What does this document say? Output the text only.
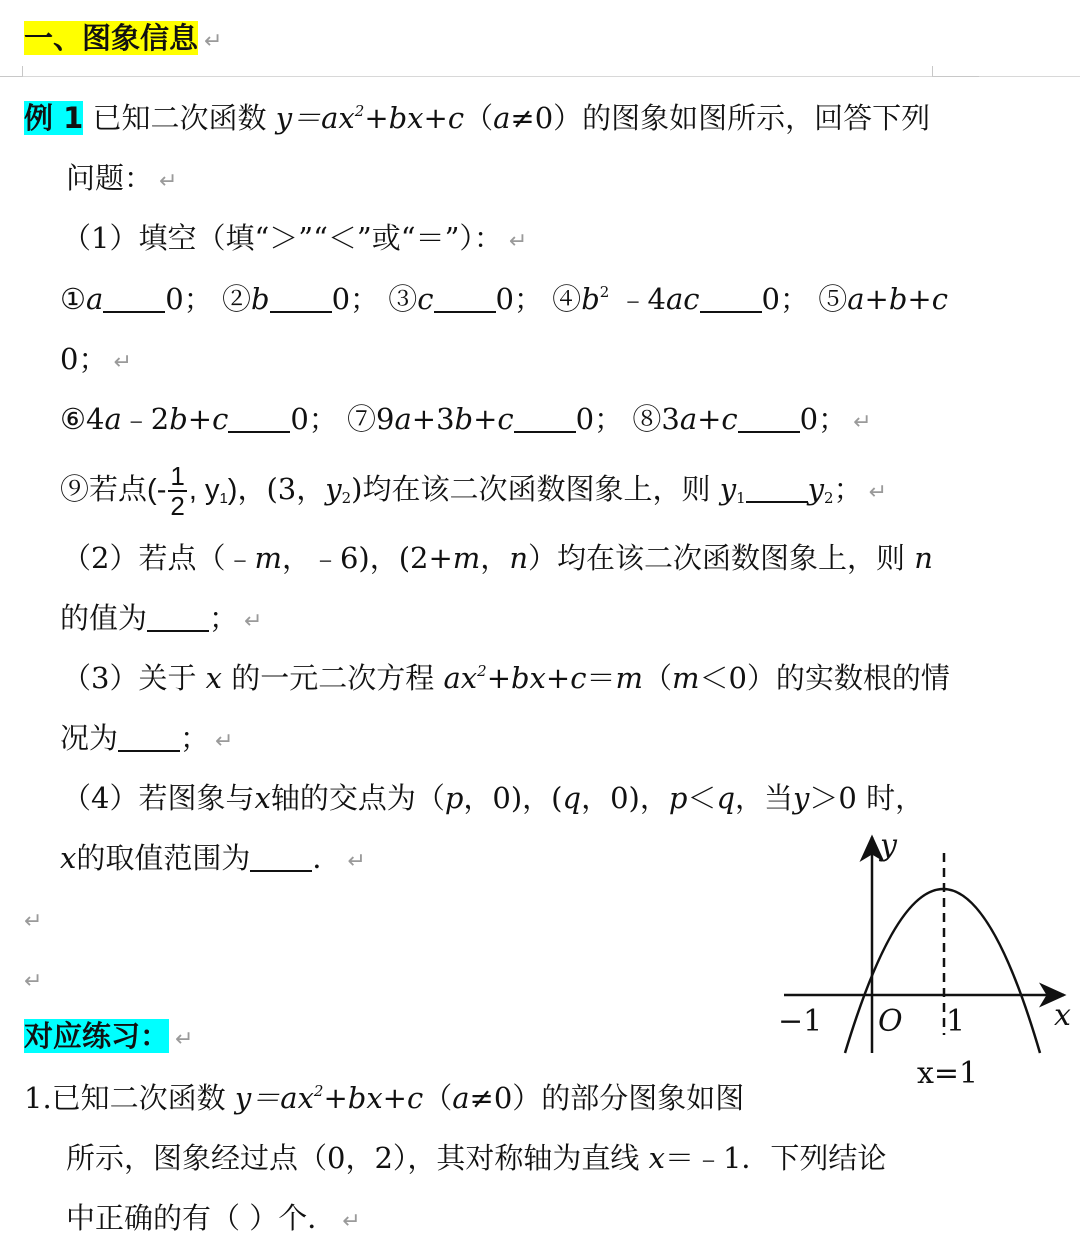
一、图象信息 ↵
例 1 已知二次函数 $y=ax^2+bx+c(a\ne 0)$的图象如图所示，回答下列
问题： ↵
（1）填空（填“＞”“＜”或“＝”）： ↵
①a 0； ②b 0； ③c 0； $④b^2$ ﹣4ac 0； ⑤a+b+c
0； ↵
⑥4a﹣2b+c 0； ⑦9a+3b+c 0； ⑧3a+c 0； ↵
⑨若点(- $\frac{1}{2}$ , $y_1$)，(3，$y_2$)均在该二次函数图象上，则 $y_1$ $y_2$； ↵
（2）若点（﹣m，﹣6)，(2+m，n）均在该二次函数图象上，则 n
的值为 ； ↵
（3）关于 x 的一元二次方程 $ax^2+bx+c=m(m<0)$的实数根的情
况为 ； ↵
（4）若图象与x轴的交点为（p，0)，(q，0)，p＜q，当y＞0 时，
x的取值范围为 ． ↵
↵
↵
对应练习： ↵
1.已知二次函数 $y=ax^2+bx+c(a\ne 0)$的部分图象如图
所示，图象经过点（0，2），其对称轴为直线 x＝﹣1．下列结论
中正确的有（ ）个． ↵
y
x
O
−1	1
x=1
